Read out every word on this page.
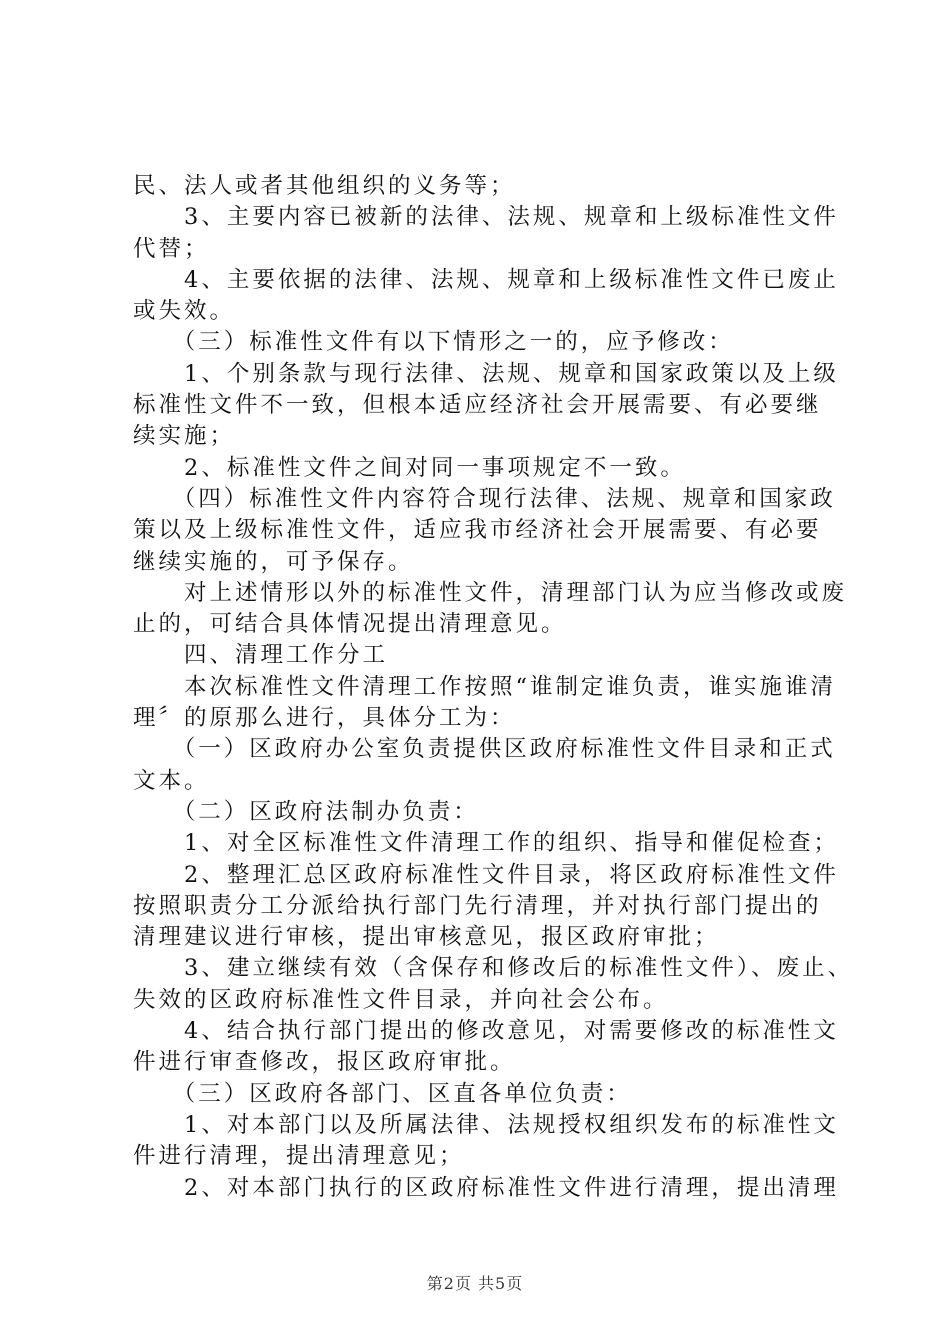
民、法人或者其他组织的义务等；
　　3、主要内容已被新的法律、法规、规章和上级标准性文件
代替；
　　4、主要依据的法律、法规、规章和上级标准性文件已废止
或失效。
　　（三）标准性文件有以下情形之一的，应予修改：
　　1、个别条款与现行法律、法规、规章和国家政策以及上级
标准性文件不一致，但根本适应经济社会开展需要、有必要继
续实施；
　　2、标准性文件之间对同一事项规定不一致。
　　（四）标准性文件内容符合现行法律、法规、规章和国家政
策以及上级标准性文件，适应我市经济社会开展需要、有必要
继续实施的，可予保存。
　　对上述情形以外的标准性文件，清理部门认为应当修改或废
止的，可结合具体情况提出清理意见。
　　四、清理工作分工
　　本次标准性文件清理工作按照“谁制定谁负责，谁实施谁清
理〞的原那么进行，具体分工为：
　　（一）区政府办公室负责提供区政府标准性文件目录和正式
文本。
　　（二）区政府法制办负责：
　　1、对全区标准性文件清理工作的组织、指导和催促检查；
　　2、整理汇总区政府标准性文件目录，将区政府标准性文件
按照职责分工分派给执行部门先行清理，并对执行部门提出的
清理建议进行审核，提出审核意见，报区政府审批；
　　3、建立继续有效（含保存和修改后的标准性文件）、废止、
失效的区政府标准性文件目录，并向社会公布。
　　4、结合执行部门提出的修改意见，对需要修改的标准性文
件进行审查修改，报区政府审批。
　　（三）区政府各部门、区直各单位负责：
　　1、对本部门以及所属法律、法规授权组织发布的标准性文
件进行清理，提出清理意见；
　　2、对本部门执行的区政府标准性文件进行清理，提出清理
第2页 共5页
